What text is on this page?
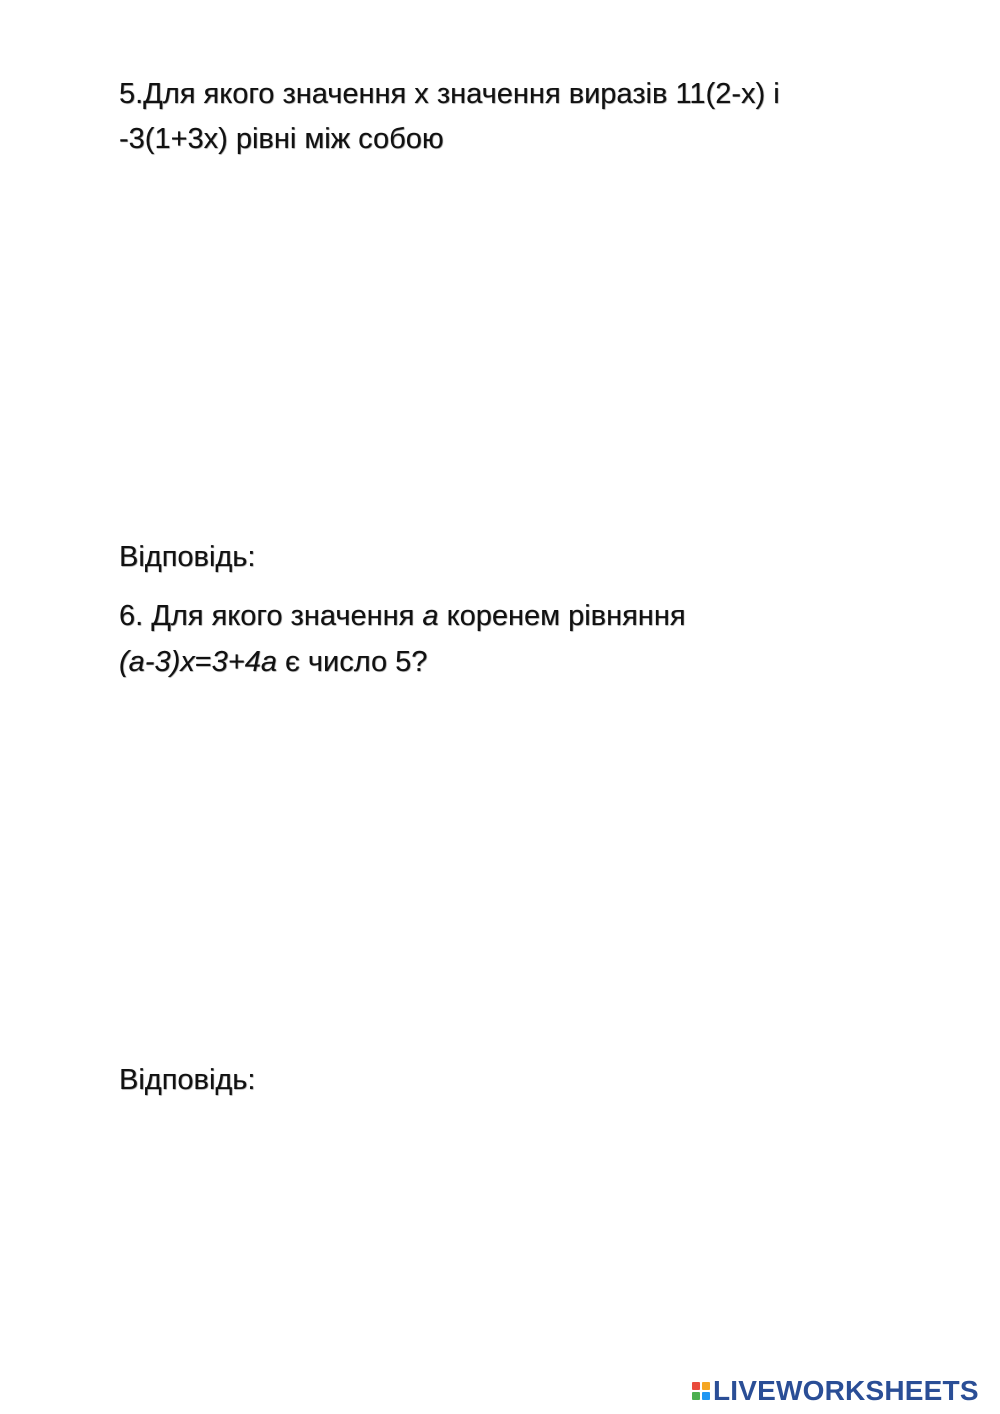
5.Для якого значення х значення виразів 11(2-х) і
-3(1+3х) рівні між собою
Відповідь:
6. Для якого значення а коренем рівняння
(а-3)х=3+4а є число 5?
Відповідь:
LIVEWORKSHEETS
